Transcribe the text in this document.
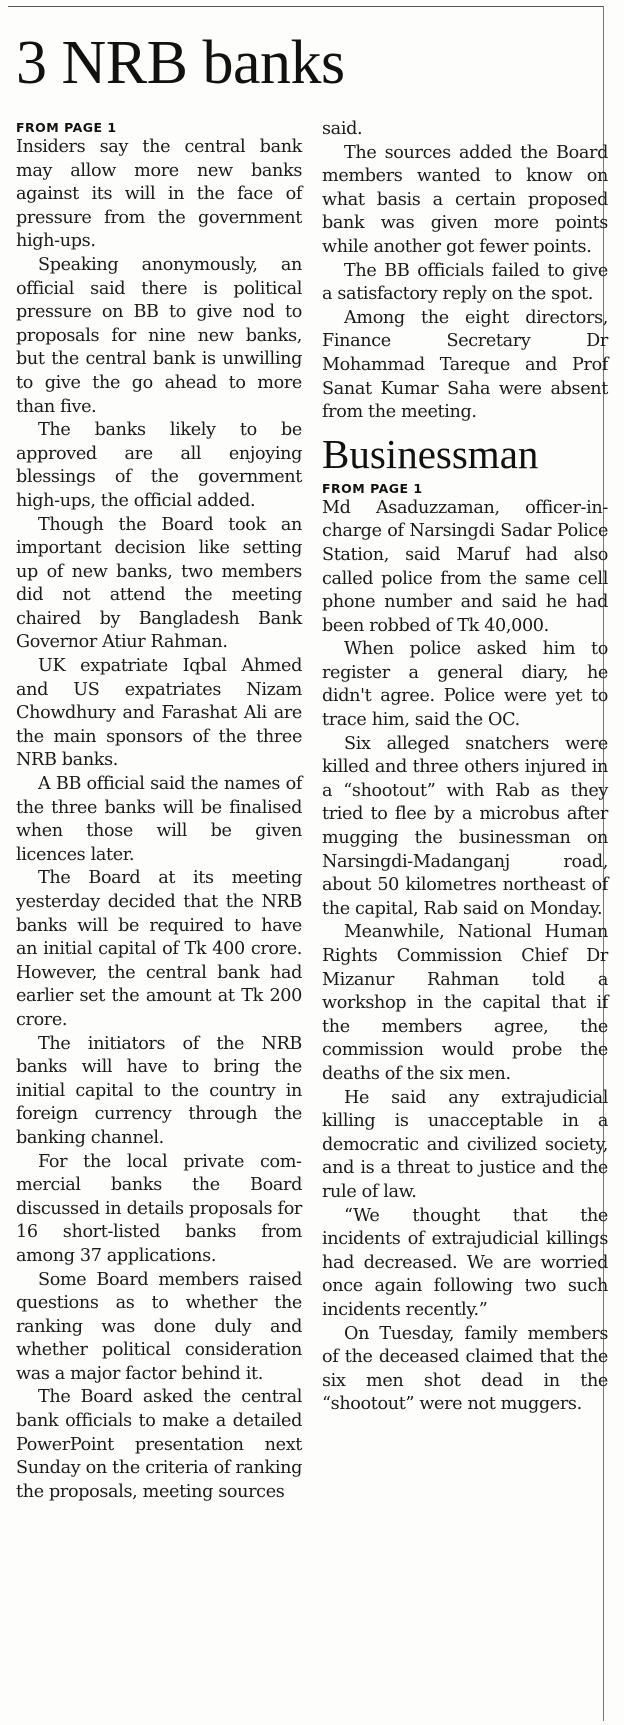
3 NRB banks

FROM PAGE 1

Insiders say the central bank may allow more new banks against its will in the face of pressure from the government high-ups.

Speaking anonymously, an official said there is political pressure on BB to give nod to proposals for nine new banks, but the central bank is unwilling to give the go ahead to more than five.

The banks likely to be approved are all enjoying blessings of the government high-ups, the official added.

Though the Board took an important decision like setting up of new banks, two members did not attend the meeting chaired by Bangladesh Bank Governor Atiur Rahman.

UK expatriate Iqbal Ahmed and US expatriates Nizam Chowdhury and Farashat Ali are the main sponsors of the three NRB banks.

A BB official said the names of the three banks will be finalised when those will be given licences later.

The Board at its meeting yesterday decided that the NRB banks will be required to have an initial capital of Tk 400 crore. However, the central bank had earlier set the amount at Tk 200 crore.

The initiators of the NRB banks will have to bring the initial capital to the country in foreign currency through the banking channel.

For the local private commercial banks the Board discussed in details proposals for 16 short-listed banks from among 37 applications.

Some Board members raised questions as to whether the ranking was done duly and whether political consideration was a major factor behind it.

The Board asked the central bank officials to make a detailed PowerPoint presentation next Sunday on the criteria of ranking the proposals, meeting sources

said.

The sources added the Board members wanted to know on what basis a certain proposed bank was given more points while another got fewer points.

The BB officials failed to give a satisfactory reply on the spot.

Among the eight directors, Finance Secretary Dr Mohammad Tareque and Prof Sanat Kumar Saha were absent from the meeting.

Businessman

FROM PAGE 1

Md Asaduzzaman, officer-in-charge of Narsingdi Sadar Police Station, said Maruf had also called police from the same cell phone number and said he had been robbed of Tk 40,000.

When police asked him to register a general diary, he didn't agree. Police were yet to trace him, said the OC.

Six alleged snatchers were killed and three others injured in a “shootout” with Rab as they tried to flee by a microbus after mugging the businessman on Narsingdi-Madanganj road, about 50 kilometres northeast of the capital, Rab said on Monday.

Meanwhile, National Human Rights Commission Chief Dr Mizanur Rahman told a workshop in the capital that if the members agree, the commission would probe the deaths of the six men.

He said any extrajudicial killing is unacceptable in a democratic and civilized society, and is a threat to justice and the rule of law.

“We thought that the incidents of extrajudicial killings had decreased. We are worried once again following two such incidents recently.”

On Tuesday, family members of the deceased claimed that the six men shot dead in the “shootout” were not muggers.
